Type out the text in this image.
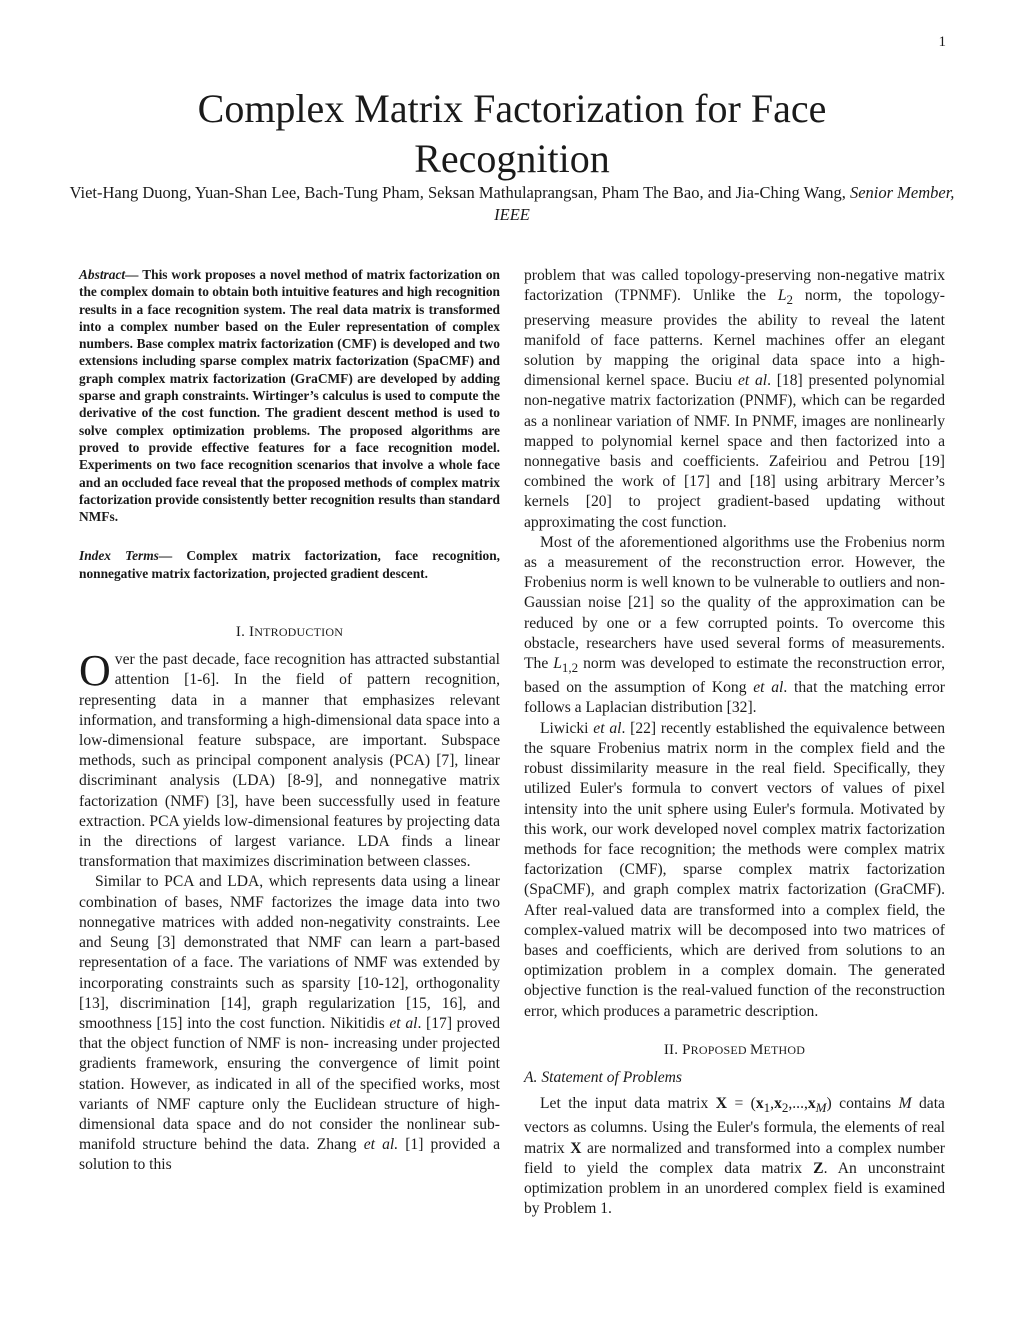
1
Complex Matrix Factorization for Face
Recognition
Viet-Hang Duong, Yuan-Shan Lee, Bach-Tung Pham, Seksan Mathulaprangsan, Pham The Bao, and Jia-Ching Wang, Senior Member, IEEE

Abstract— This work proposes a novel method of matrix factorization on the complex domain to obtain both intuitive features and high recognition results in a face recognition system. The real data matrix is transformed into a complex number based on the Euler representation of complex numbers. Base complex matrix factorization (CMF) is developed and two extensions including sparse complex matrix factorization (SpaCMF) and graph complex matrix factorization (GraCMF) are developed by adding sparse and graph constraints. Wirtinger’s calculus is used to compute the derivative of the cost function. The gradient descent method is used to solve complex optimization problems. The proposed algorithms are proved to provide effective features for a face recognition model. Experiments on two face recognition scenarios that involve a whole face and an occluded face reveal that the proposed methods of complex matrix factorization provide consistently better recognition results than standard NMFs.

Index Terms— Complex matrix factorization, face recognition, nonnegative matrix factorization, projected gradient descent.

I. INTRODUCTION

Over the past decade, face recognition has attracted substantial attention [1-6]. In the field of pattern recognition, representing data in a manner that emphasizes relevant information, and transforming a high-dimensional data space into a low-dimensional feature subspace, are important. Subspace methods, such as principal component analysis (PCA) [7], linear discriminant analysis (LDA) [8-9], and nonnegative matrix factorization (NMF) [3], have been successfully used in feature extraction. PCA yields low-dimensional features by projecting data in the directions of largest variance. LDA finds a linear transformation that maximizes discrimination between classes.

Similar to PCA and LDA, which represents data using a linear combination of bases, NMF factorizes the image data into two nonnegative matrices with added non-negativity constraints. Lee and Seung [3] demonstrated that NMF can learn a part-based representation of a face. The variations of NMF was extended by incorporating constraints such as sparsity [10-12], orthogonality [13], discrimination [14], graph regularization [15, 16], and smoothness [15] into the cost function. Nikitidis et al. [17] proved that the object function of NMF is non- increasing under projected gradients framework, ensuring the convergence of limit point station. However, as indicated in all of the specified works, most variants of NMF capture only the Euclidean structure of high-dimensional data space and do not consider the nonlinear sub-manifold structure behind the data. Zhang et al. [1] provided a solution to this

problem that was called topology-preserving non-negative matrix factorization (TPNMF). Unlike the $L_2$ norm, the topology-preserving measure provides the ability to reveal the latent manifold of face patterns. Kernel machines offer an elegant solution by mapping the original data space into a high-dimensional kernel space. Buciu et al. [18] presented polynomial non-negative matrix factorization (PNMF), which can be regarded as a nonlinear variation of NMF. In PNMF, images are nonlinearly mapped to polynomial kernel space and then factorized into a nonnegative basis and coefficients. Zafeiriou and Petrou [19] combined the work of [17] and [18] using arbitrary Mercer’s kernels [20] to project gradient-based updating without approximating the cost function.

Most of the aforementioned algorithms use the Frobenius norm as a measurement of the reconstruction error. However, the Frobenius norm is well known to be vulnerable to outliers and non-Gaussian noise [21] so the quality of the approximation can be reduced by one or a few corrupted points. To overcome this obstacle, researchers have used several forms of measurements. The $L_{1,2}$ norm was developed to estimate the reconstruction error, based on the assumption of Kong et al. that the matching error follows a Laplacian distribution [32].

Liwicki et al. [22] recently established the equivalence between the square Frobenius matrix norm in the complex field and the robust dissimilarity measure in the real field. Specifically, they utilized Euler's formula to convert vectors of values of pixel intensity into the unit sphere using Euler's formula. Motivated by this work, our work developed novel complex matrix factorization methods for face recognition; the methods were complex matrix factorization (CMF), sparse complex matrix factorization (SpaCMF), and graph complex matrix factorization (GraCMF). After real-valued data are transformed into a complex field, the complex-valued matrix will be decomposed into two matrices of bases and coefficients, which are derived from solutions to an optimization problem in a complex domain. The generated objective function is the real-valued function of the reconstruction error, which produces a parametric description.

II. PROPOSED METHOD
A. Statement of Problems

Let the input data matrix $X = (x_1,x_2,...,x_M)$ contains M data vectors as columns. Using the Euler's formula, the elements of real matrix X are normalized and transformed into a complex number field to yield the complex data matrix Z. An unconstraint optimization problem in an unordered complex field is examined by Problem 1.
